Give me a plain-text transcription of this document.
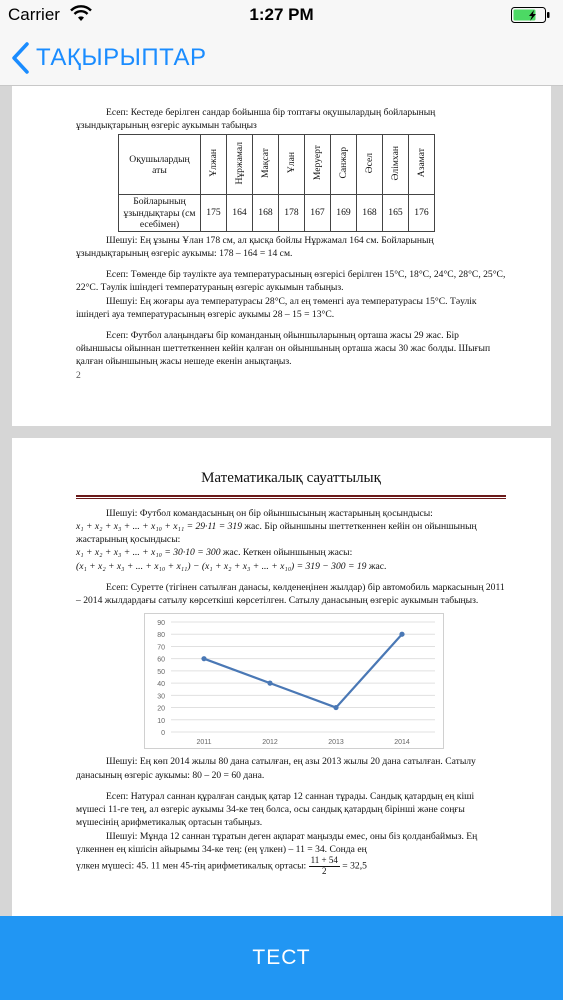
Carrier	1:27 PM
ТАҚЫРЫПТАР

Есеп: Кестеде берілген сандар бойынша бір топтағы оқушылардың бойларының ұзындықтарының өзгеріс аукымын табыңыз

Оқушылардың аты	Ұлжан	Нұржамал	Мақсат	Ұлан	Меруерт	Санжар	Әсел	Әлімхан	Азамат
Бойларының ұзындықтары (см есебімен)	175	164	168	178	167	169	168	165	176

Шешуі: Ең ұзыны Ұлан 178 см, ал қысқа бойлы Нұржамал 164 см. Бойларының ұзындықтарының өзгеріс аукымы: 178 – 164 = 14 см.

Есеп: Төменде бір тәуліктe ауа температурасының өзгерісі берілген 15°С, 18°С, 24°С, 28°С, 25°С, 22°С. Тәулік ішіндегі температураның өзгеріс аукымын табыңыз.

Шешуі: Ең жоғары ауа температурасы 28°С, ал ең төменгі ауа температурасы 15°С. Тәулік ішіндегі ауа температурасының өзгеріс аукымы 28 – 15 = 13°С.

Есеп: Футбол алаңындағы бір команданың ойыншыларының орташа жасы 29 жас. Бір ойыншысы ойыннан шеттеткеннен кейін қалған он ойыншының орташа жасы 30 жас болды. Шығып қалған ойыншының жасы нешеде екенін анықтаңыз.

2

Математикалық сауаттылық

Шешуі: Футбол командасының он бір ойыншысының жастарының қосындысы:

x₁ + x₂ + x₃ + ... + x₁₀ + x₁₁ = 29·11 = 319 жас. Бір ойыншыны шеттеткеннен кейін он ойыншының жастарының қосындысы:

x₁ + x₂ + x₃ + ... + x₁₀ = 30·10 = 300 жас. Кеткен ойыншының жасы:

(x₁ + x₂ + x₃ + ... + x₁₀ + x₁₁) − (x₁ + x₂ + x₃ + ... + x₁₀) = 319 − 300 = 19 жас.

Есеп: Суретте (тігінен сатылған данасы, көлденеңінен жылдар) бір автомобиль маркасының 2011 – 2014 жылдардағы сатылу көрсеткіші көрсетілген. Сатылу данасының өзгеріс аукымын табыңыз.

0
10
20
30
40
50
60
70
80
90
2011	2012	2013	2014

Шешуі: Ең көп 2014 жылы 80 дана сатылған, ең азы 2013 жылы 20 дана сатылған. Сатылу данасының өзгеріс аукымы: 80 – 20 = 60 дана.

Есеп: Натурал саннан құралған сандық қатар 12 саннан тұрады. Сандық қатардың ең кіші мүшесі 11-ге тең, ал өзгеріс аукымы 34-ке тең болса, осы сандық қатардың бірінші және соңғы мүшесінің арифметикалық ортасын табыңыз.

Шешуі: Мұнда 12 саннан тұратын деген ақпарат маңызды емес, оны біз қолданбаймыз. Ең үлкеннен ең кішісін айырымы 34-ке тең: (ең үлкен) – 11 = 34. Сонда ең

үлкен мүшесі: 45. 11 мен 45-тің арифметикалық ортасы: $\frac{11 + 54}{2} = 32,5$

ТЕСТ
